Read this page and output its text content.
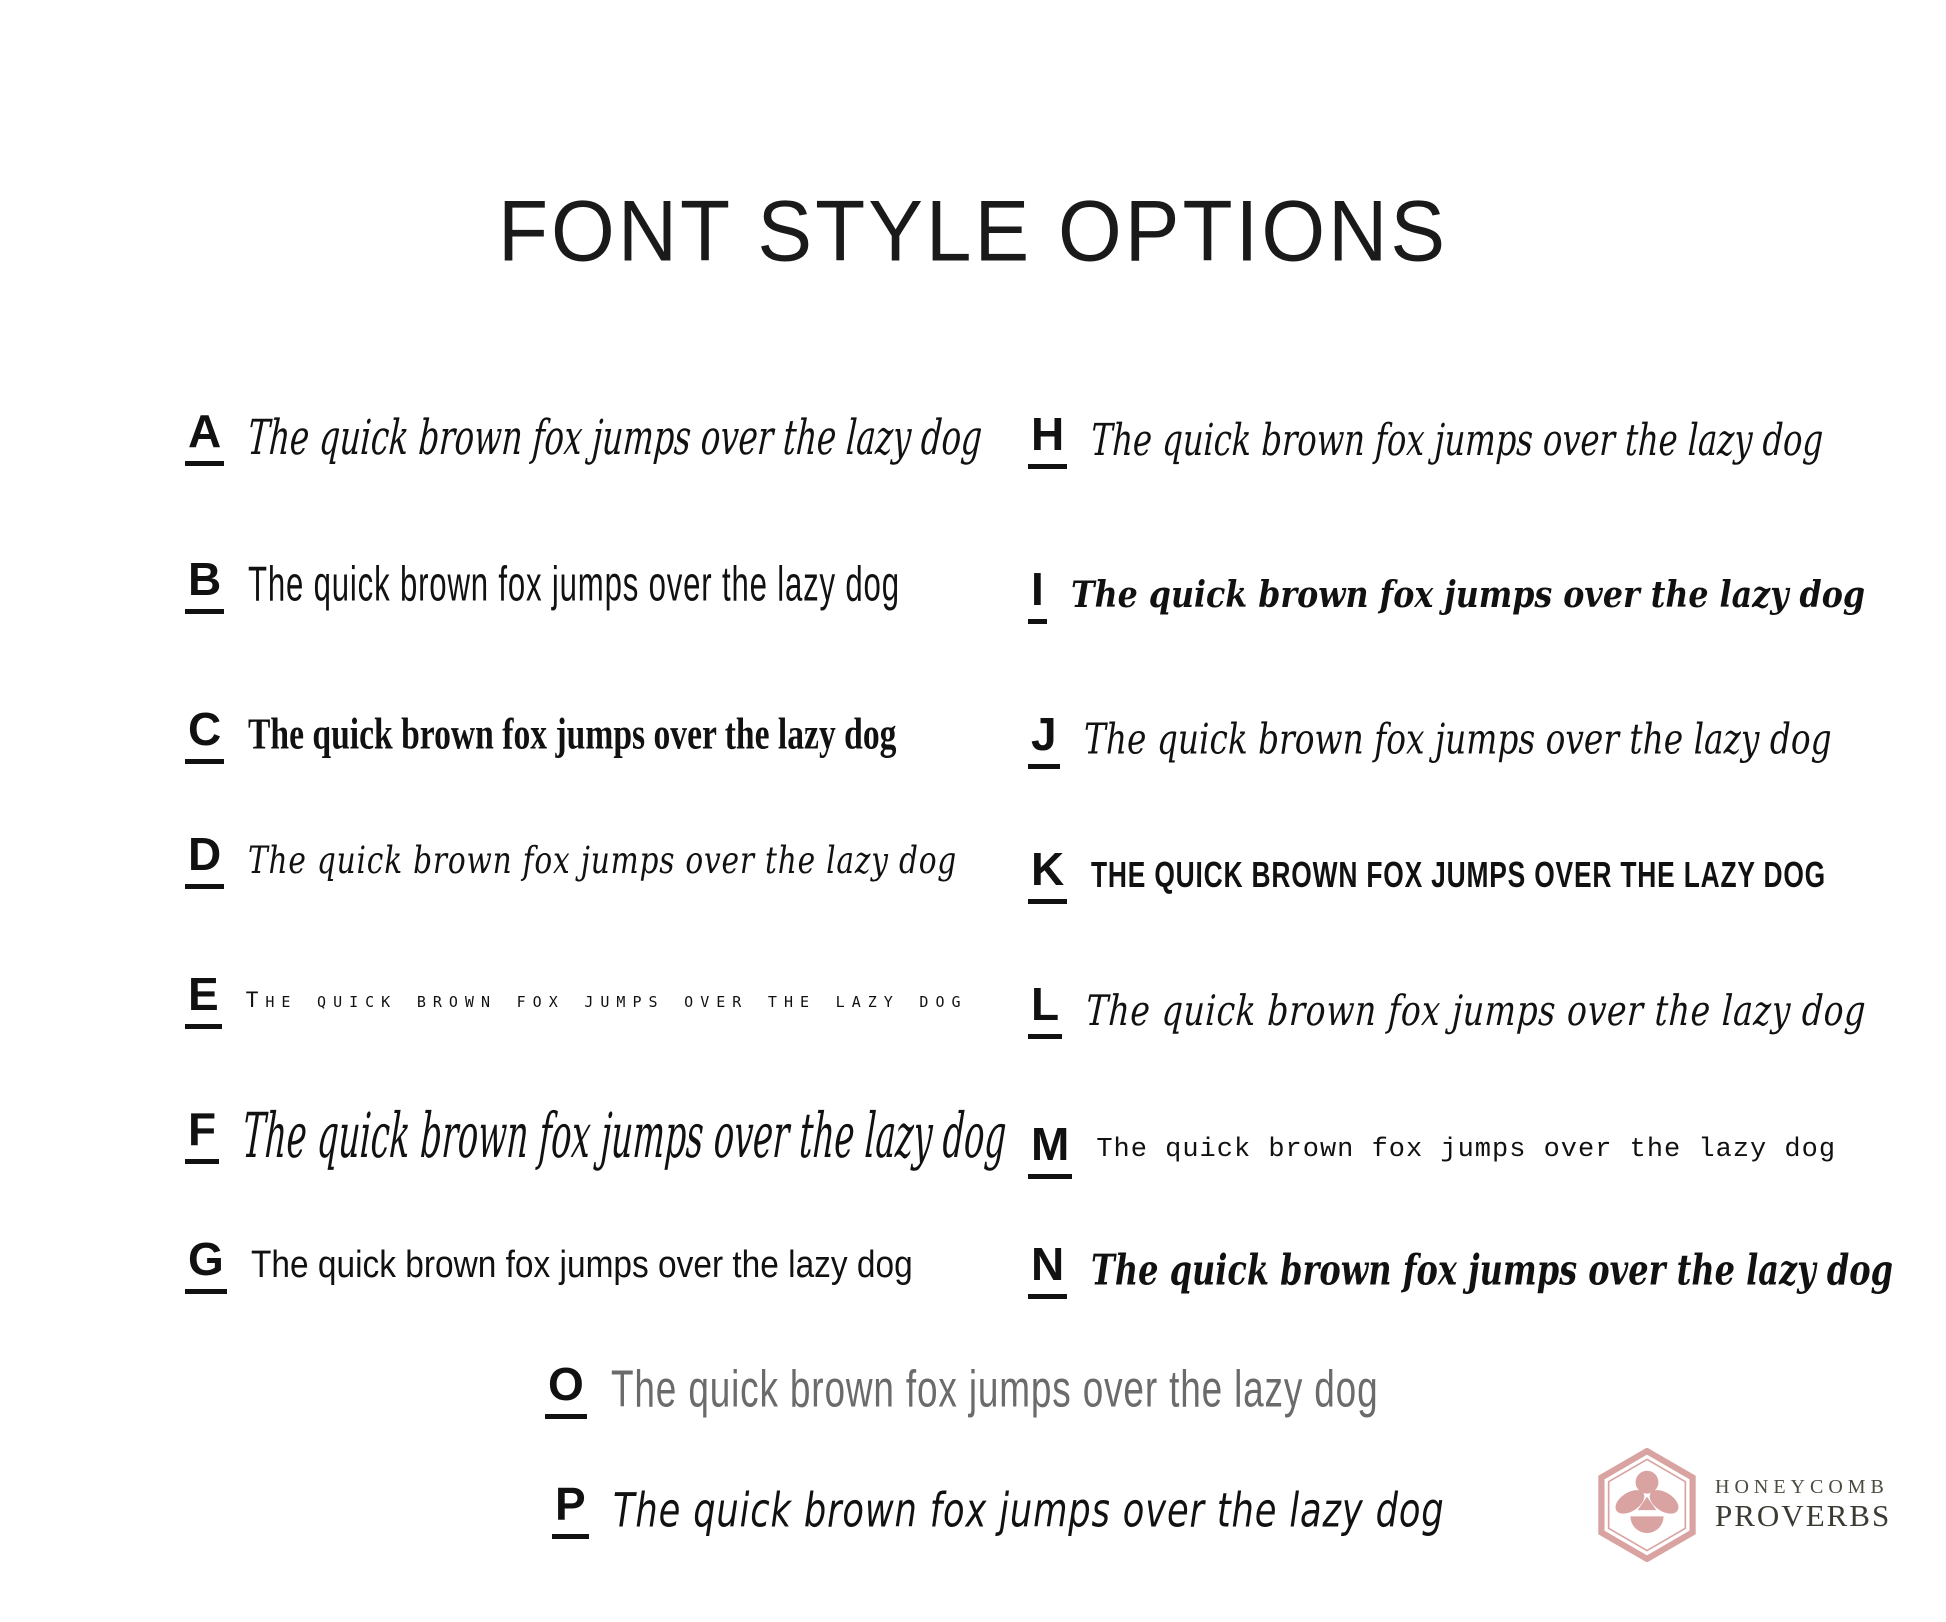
FONT STYLE OPTIONS
A The quick brown fox jumps over the lazy dog
B The quick brown fox jumps over the lazy dog
C The quick brown fox jumps over the lazy dog
D The quick brown fox jumps over the lazy dog
E The quick brown fox jumps over the lazy dog
F The quick brown fox jumps over the lazy dog
G The quick brown fox jumps over the lazy dog
H The quick brown fox jumps over the lazy dog
I The quick brown fox jumps over the lazy dog
J The quick brown fox jumps over the lazy dog
K THE QUICK BROWN FOX JUMPS OVER THE LAZY DOG
L The quick brown fox jumps over the lazy dog
M The quick brown fox jumps over the lazy dog
N The quick brown fox jumps over the lazy dog
O The quick brown fox jumps over the lazy dog
P The quick brown fox jumps over the lazy dog	HONEYCOMB
PROVERBS
